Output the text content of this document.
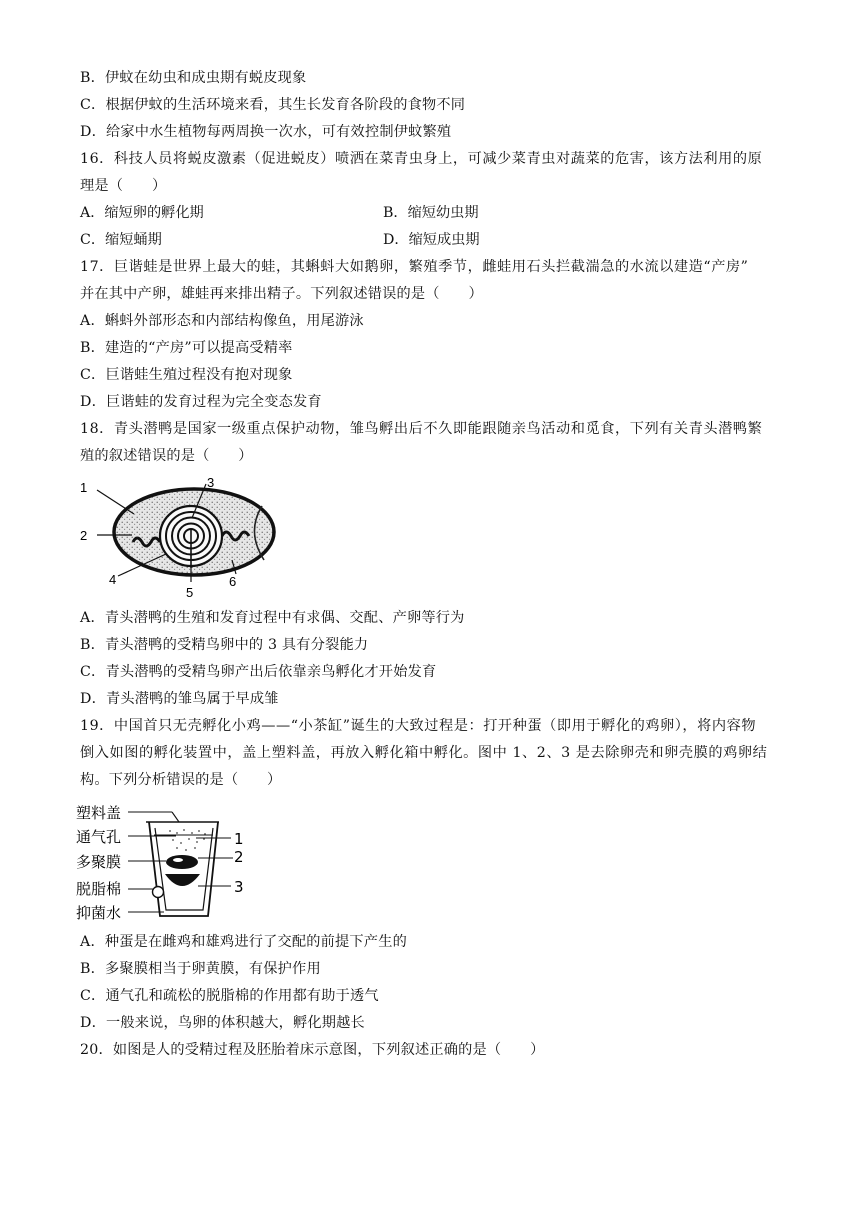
B．伊蚊在幼虫和成虫期有蜕皮现象
C．根据伊蚊的生活环境来看，其生长发育各阶段的食物不同
D．给家中水生植物每两周换一次水，可有效控制伊蚊繁殖
16．科技人员将蜕皮激素（促进蜕皮）喷洒在菜青虫身上，可减少菜青虫对蔬菜的危害，该方法利用的原
理是（　　）
A．缩短卵的孵化期	B．缩短幼虫期
C．缩短蛹期	D．缩短成虫期
17．巨谐蛙是世界上最大的蛙，其蝌蚪大如鹅卵，繁殖季节，雌蛙用石头拦截湍急的水流以建造“产房”
并在其中产卵，雄蛙再来排出精子。下列叙述错误的是（　　）
A．蝌蚪外部形态和内部结构像鱼，用尾游泳
B．建造的“产房”可以提高受精率
C．巨谐蛙生殖过程没有抱对现象
D．巨谐蛙的发育过程为完全变态发育
18．青头潜鸭是国家一级重点保护动物，雏鸟孵出后不久即能跟随亲鸟活动和觅食，下列有关青头潜鸭繁
殖的叙述错误的是（　　）
1
2
3
4
5
6
A．青头潜鸭的生殖和发育过程中有求偶、交配、产卵等行为
B．青头潜鸭的受精鸟卵中的 3 具有分裂能力
C．青头潜鸭的受精鸟卵产出后依靠亲鸟孵化才开始发育
D．青头潜鸭的雏鸟属于早成雏
19．中国首只无壳孵化小鸡——“小茶缸”诞生的大致过程是：打开种蛋（即用于孵化的鸡卵），将内容物
倒入如图的孵化装置中，盖上塑料盖，再放入孵化箱中孵化。图中 1、2、3 是去除卵壳和卵壳膜的鸡卵结
构。下列分析错误的是（　　）
塑料盖
通气孔
多聚膜
脱脂棉
抑菌水
1
2
3
A．种蛋是在雌鸡和雄鸡进行了交配的前提下产生的
B．多聚膜相当于卵黄膜，有保护作用
C．通气孔和疏松的脱脂棉的作用都有助于透气
D．一般来说，鸟卵的体积越大，孵化期越长
20．如图是人的受精过程及胚胎着床示意图，下列叙述正确的是（　　）
